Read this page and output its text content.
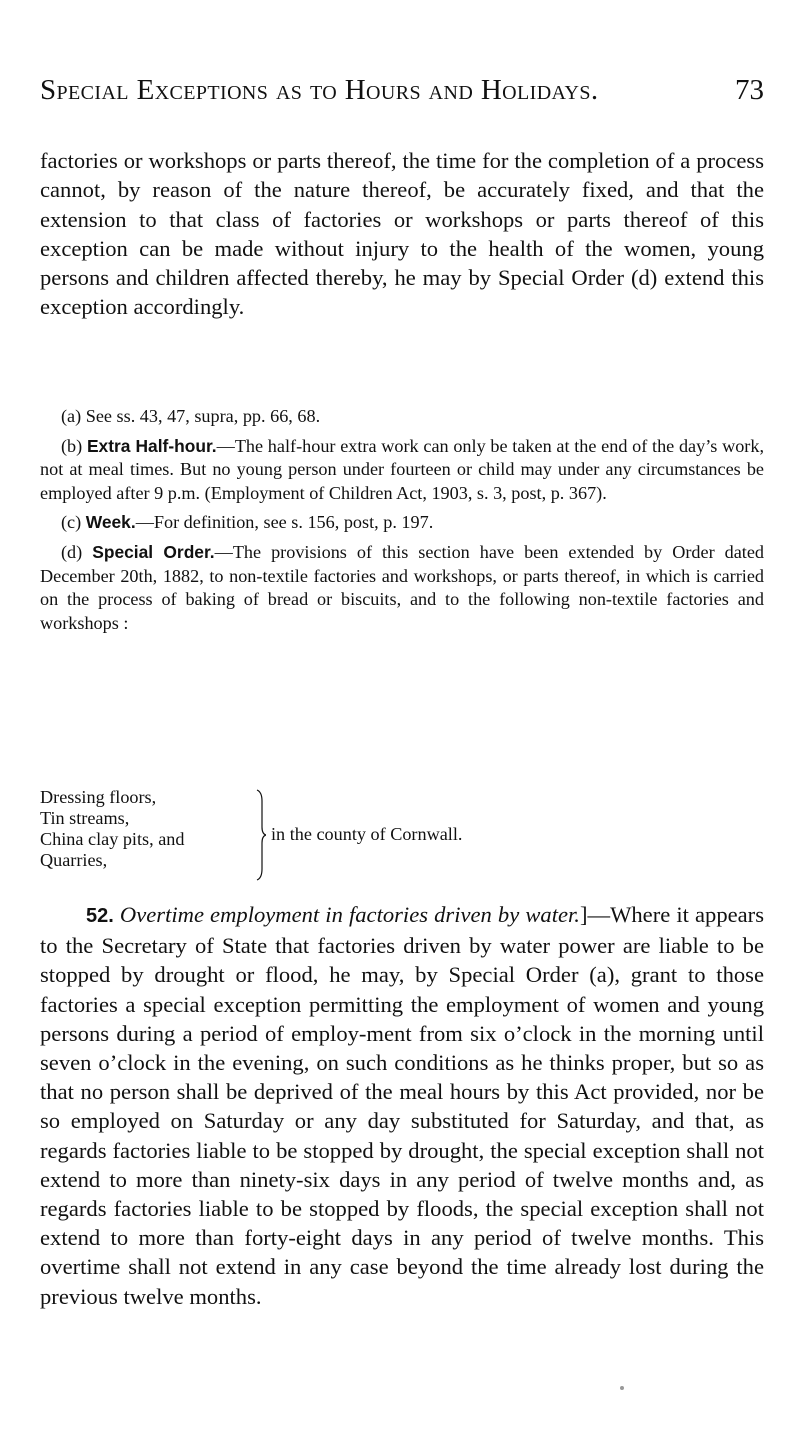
Special Exceptions as to Hours and Holidays.	73

factories or workshops or parts thereof, the time for the completion of a process cannot, by reason of the nature thereof, be accurately fixed, and that the extension to that class of factories or workshops or parts thereof of this exception can be made without injury to the health of the women, young persons and children affected thereby, he may by Special Order (d) extend this exception accordingly.

(a) See ss. 43, 47, supra, pp. 66, 68.

(b) Extra Half-hour.—The half-hour extra work can only be taken at the end of the day’s work, not at meal times. But no young person under fourteen or child may under any circumstances be employed after 9 p.m. (Employment of Children Act, 1903, s. 3, post, p. 367).

(c) Week.—For definition, see s. 156, post, p. 197.

(d) Special Order.—The provisions of this section have been extended by Order dated December 20th, 1882, to non-textile factories and workshops, or parts thereof, in which is carried on the process of baking of bread or biscuits, and to the following non-textile factories and workshops :

Dressing floors,
Tin streams,
China clay pits, and
Quarries,
in the county of Cornwall.

52. Overtime employment in factories driven by water.]—Where it appears to the Secretary of State that factories driven by water power are liable to be stopped by drought or flood, he may, by Special Order (a), grant to those factories a special exception permitting the employment of women and young persons during a period of employ-ment from six o’clock in the morning until seven o’clock in the evening, on such conditions as he thinks proper, but so as that no person shall be deprived of the meal hours by this Act provided, nor be so employed on Saturday or any day substituted for Saturday, and that, as regards factories liable to be stopped by drought, the special exception shall not extend to more than ninety-six days in any period of twelve months and, as regards factories liable to be stopped by floods, the special exception shall not extend to more than forty-eight days in any period of twelve months. This overtime shall not extend in any case beyond the time already lost during the previous twelve months.
